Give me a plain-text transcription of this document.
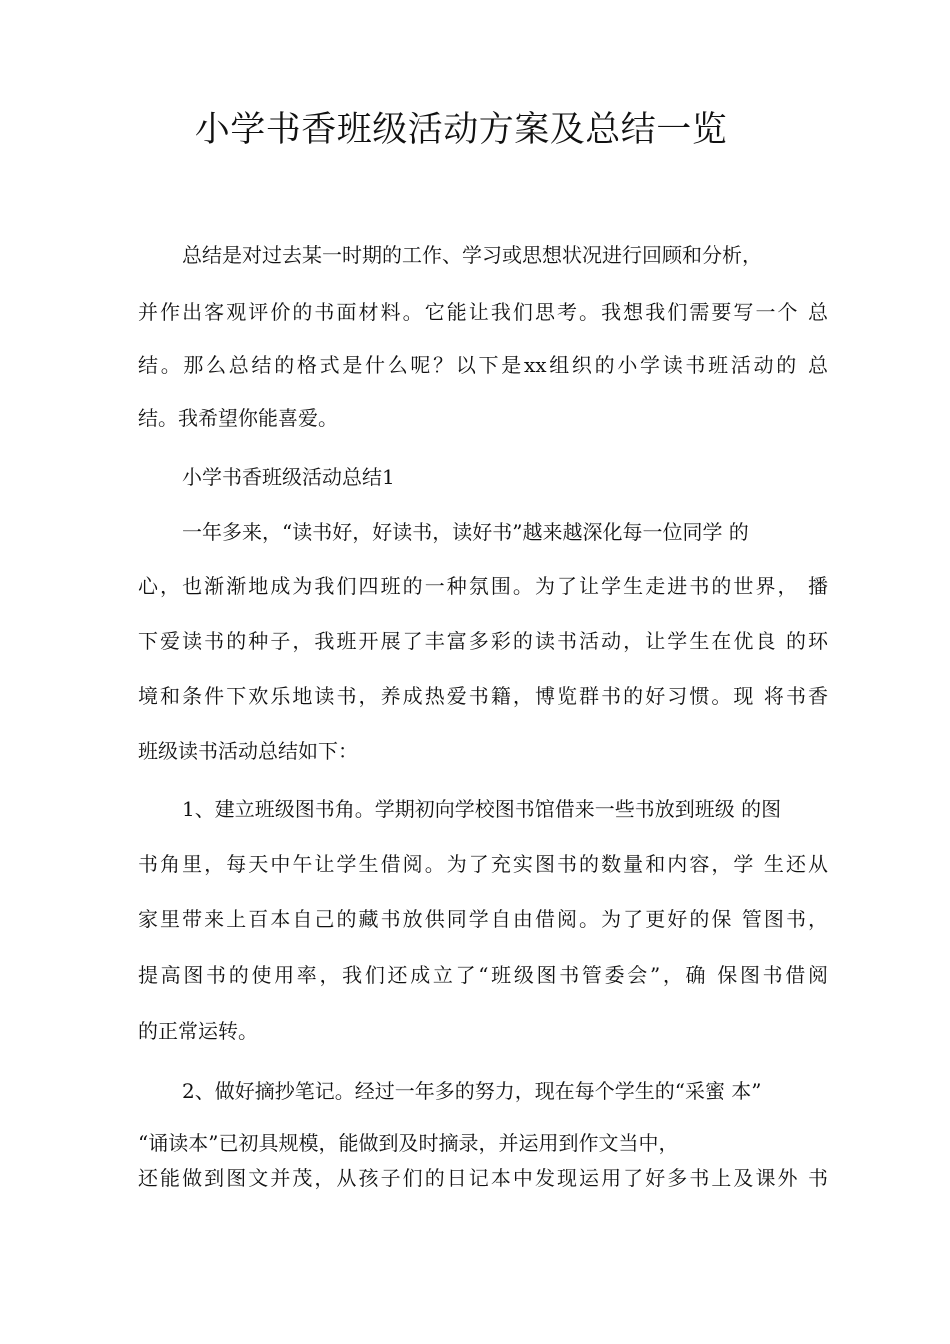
小学书香班级活动方案及总结一览

总结是对过去某一时期的工作、学习或思想状况进行回顾和分析，

并作出客观评价的书面材料。它能让我们思考。我想我们需要写一个 总

结。那么总结的格式是什么呢？以下是xx组织的小学读书班活动的 总

结。我希望你能喜爱。

小学书香班级活动总结1

一年多来，“读书好，好读书，读好书”越来越深化每一位同学 的

心，也渐渐地成为我们四班的一种氛围。为了让学生走进书的世界， 播

下爱读书的种子，我班开展了丰富多彩的读书活动，让学生在优良 的环

境和条件下欢乐地读书，养成热爱书籍，博览群书的好习惯。现 将书香

班级读书活动总结如下：

1、建立班级图书角。学期初向学校图书馆借来一些书放到班级 的图

书角里，每天中午让学生借阅。为了充实图书的数量和内容，学 生还从

家里带来上百本自己的藏书放供同学自由借阅。为了更好的保 管图书，

提高图书的使用率，我们还成立了“班级图书管委会”，确 保图书借阅

的正常运转。

2、做好摘抄笔记。经过一年多的努力，现在每个学生的“采蜜 本”

“诵读本”已初具规模，能做到及时摘录，并运用到作文当中，

还能做到图文并茂，从孩子们的日记本中发现运用了好多书上及课外 书
